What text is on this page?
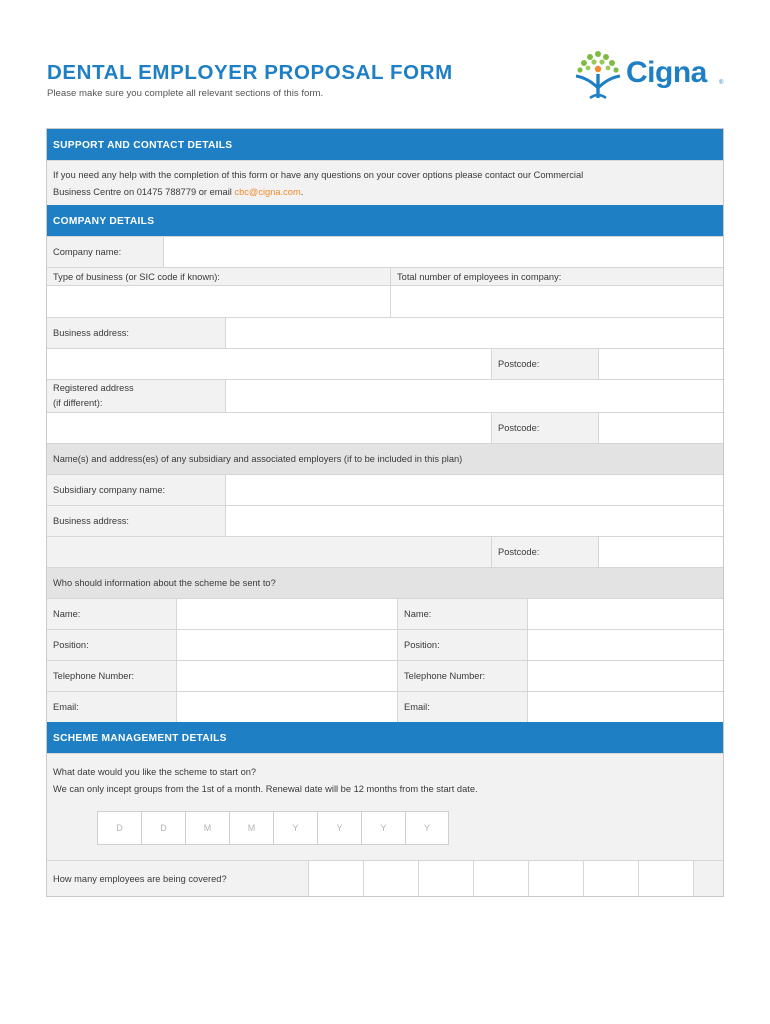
DENTAL EMPLOYER PROPOSAL FORM
Please make sure you complete all relevant sections of this form.
Cigna ®
SUPPORT AND CONTACT DETAILS
If you need any help with the completion of this form or have any questions on your cover options please contact our Commercial
Business Centre on 01475 788779 or email cbc@cigna.com.
COMPANY DETAILS
Company name:
Type of business (or SIC code if known):	Total number of employees in company:
Business address:
Postcode:
Registered address
(if different):
Postcode:
Name(s) and address(es) of any subsidiary and associated employers (if to be included in this plan)
Subsidiary company name:
Business address:
Postcode:
Who should information about the scheme be sent to?
Name:	Name:
Position:	Position:
Telephone Number:	Telephone Number:
Email:	Email:
SCHEME MANAGEMENT DETAILS
What date would you like the scheme to start on?
We can only incept groups from the 1st of a month. Renewal date will be 12 months from the start date.
D	D	M	M	Y	Y	Y	Y
How many employees are being covered?
